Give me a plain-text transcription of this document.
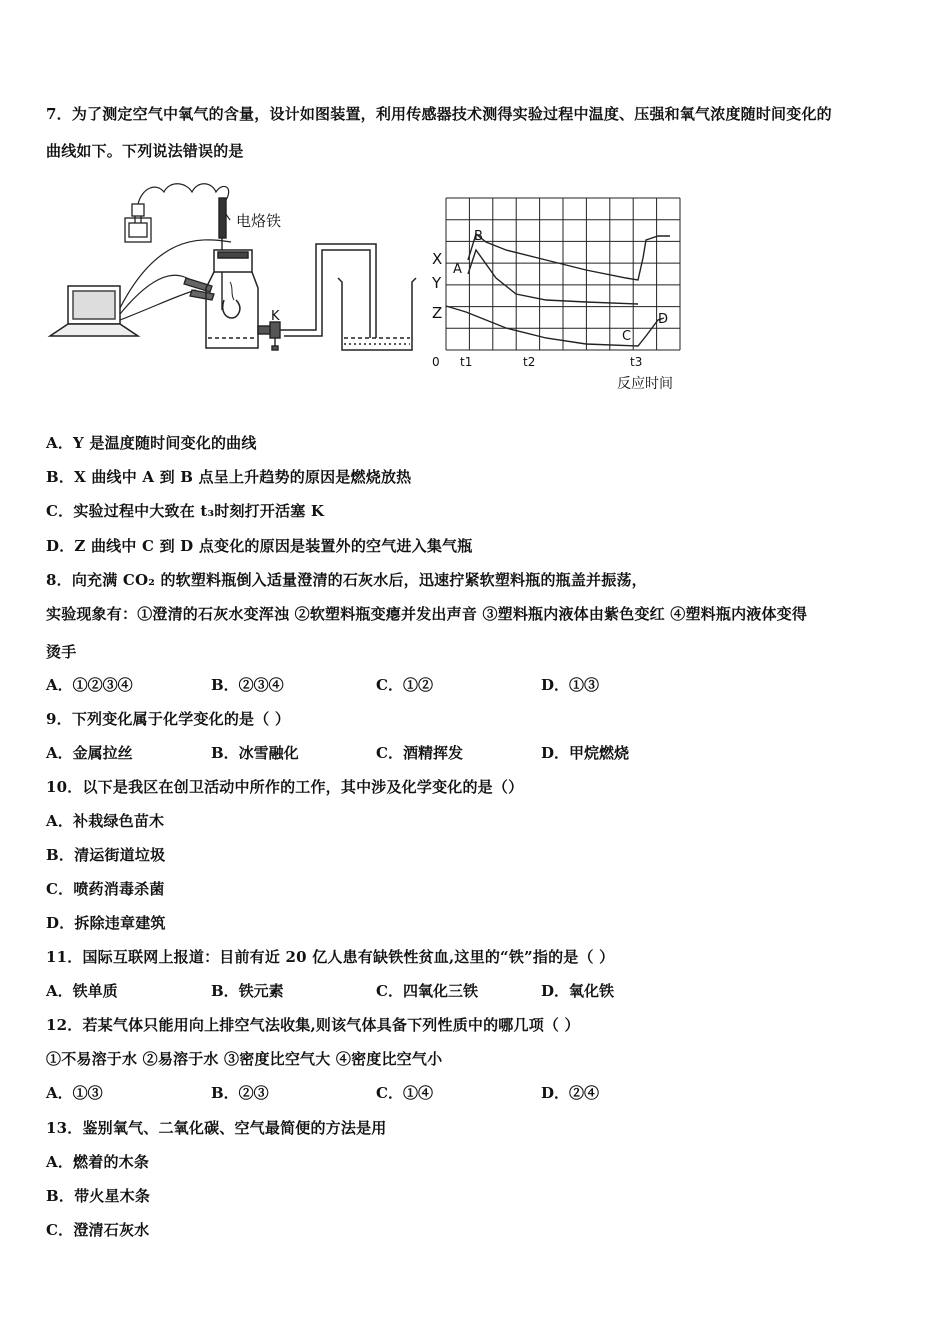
7．为了测定空气中氧气的含量，设计如图装置，利用传感器技术测得实验过程中温度、压强和氧气浓度随时间变化的
曲线如下。下列说法错误的是
电烙铁
K
X
Y
Z
A
B
C
D
0 t1	t2	t3
反应时间
A．Y 是温度随时间变化的曲线
B．X 曲线中 A 到 B 点呈上升趋势的原因是燃烧放热
C．实验过程中大致在 t₃时刻打开活塞 K
D．Z 曲线中 C 到 D 点变化的原因是装置外的空气进入集气瓶
8．向充满 CO₂ 的软塑料瓶倒入适量澄清的石灰水后，迅速拧紧软塑料瓶的瓶盖并振荡，
实验现象有：①澄清的石灰水变浑浊 ②软塑料瓶变瘪并发出声音 ③塑料瓶内液体由紫色变红 ④塑料瓶内液体变得
烫手
A．①②③④	B．②③④	C．①②	D．①③
9．下列变化属于化学变化的是（ ）
A．金属拉丝	B．冰雪融化	C．酒精挥发	D．甲烷燃烧
10．以下是我区在创卫活动中所作的工作，其中涉及化学变化的是（）
A．补栽绿色苗木
B．清运街道垃圾
C．喷药消毒杀菌
D．拆除违章建筑
11．国际互联网上报道：目前有近 20 亿人患有缺铁性贫血,这里的“铁”指的是（ ）
A．铁单质	B．铁元素	C．四氧化三铁	D．氧化铁
12．若某气体只能用向上排空气法收集,则该气体具备下列性质中的哪几项（ ）
①不易溶于水 ②易溶于水 ③密度比空气大 ④密度比空气小
A．①③	B．②③	C．①④	D．②④
13．鉴别氧气、二氧化碳、空气最简便的方法是用
A．燃着的木条
B．带火星木条
C．澄清石灰水
